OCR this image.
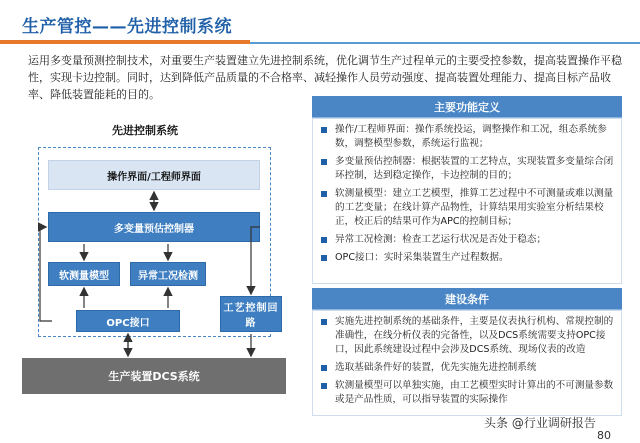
生产管控——先进控制系统
运用多变量预测控制技术，对重要生产装置建立先进控制系统，优化调节生产过程单元的主要受控参数，提高装置操作平稳性，实现卡边控制。同时，达到降低产品质量的不合格率、减轻操作人员劳动强度、提高装置处理能力、提高目标产品收率、降低装置能耗的目的。
先进控制系统
操作界面/工程师界面
多变量预估控制器
软测量模型	异常工况检测
OPC接口
工艺控制回路
生产装置DCS系统
主要功能定义
操作/工程师界面：操作系统投运，调整操作和工况，组态系统参数，调整模型参数，系统运行监视；
多变量预估控制器：根据装置的工艺特点，实现装置多变量综合闭环控制，达到稳定操作，卡边控制的目的；
软测量模型：建立工艺模型，推算工艺过程中不可测量或难以测量的工艺变量；在线计算产品物性，计算结果用实验室分析结果校正，校正后的结果可作为APC的控制目标；
异常工况检测：检查工艺运行状况是否处于稳态；
OPC接口：实时采集装置生产过程数据。
建设条件
实施先进控制系统的基础条件，主要是仪表执行机构、常规控制的准确性，在线分析仪表的完备性，以及DCS系统需要支持OPC接口，因此系统建设过程中会涉及DCS系统、现场仪表的改造
选取基础条件好的装置，优先实施先进控制系统
软测量模型可以单独实施，由工艺模型实时计算出的不可测量参数或是产品性质，可以指导装置的实际操作
头条 @行业调研报告
80
